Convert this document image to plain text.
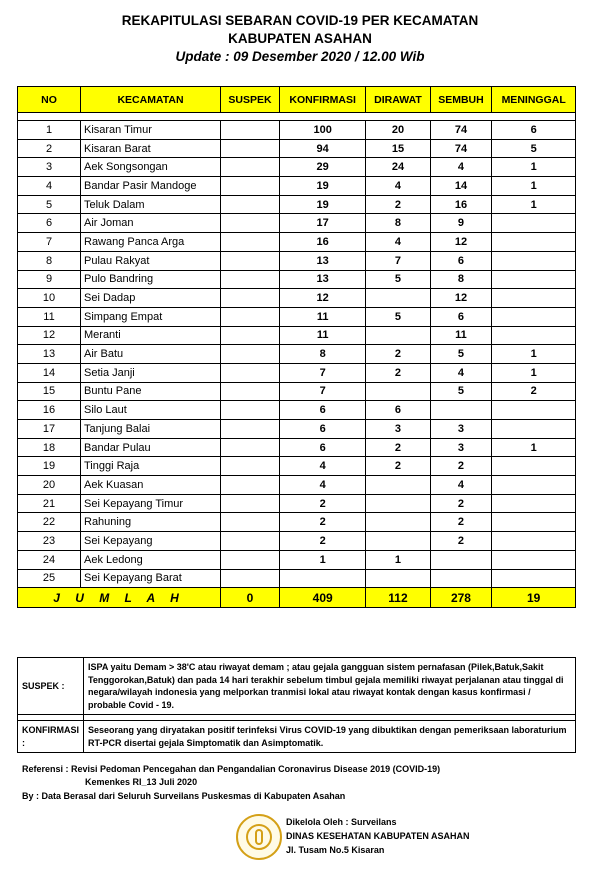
REKAPITULASI SEBARAN COVID-19 PER KECAMATAN
KABUPATEN ASAHAN
Update : 09 Desember 2020 / 12.00 Wib
NO	KECAMATAN	SUSPEK	KONFIRMASI	DIRAWAT	SEMBUH	MENINGGAL

1	Kisaran Timur		100	20	74	6
2	Kisaran Barat		94	15	74	5
3	Aek Songsongan		29	24	4	1
4	Bandar Pasir Mandoge		19	4	14	1
5	Teluk Dalam		19	2	16	1
6	Air Joman		17	8	9	
7	Rawang Panca Arga		16	4	12	
8	Pulau Rakyat		13	7	6	
9	Pulo Bandring		13	5	8	
10	Sei Dadap		12		12	
11	Simpang Empat		11	5	6	
12	Meranti		11		11	
13	Air Batu		8	2	5	1
14	Setia Janji		7	2	4	1
15	Buntu Pane		7		5	2
16	Silo Laut		6	6		
17	Tanjung Balai		6	3	3	
18	Bandar Pulau		6	2	3	1
19	Tinggi Raja		4	2	2	
20	Aek Kuasan		4		4	
21	Sei Kepayang Timur		2		2	
22	Rahuning		2		2	
23	Sei Kepayang		2		2	
24	Aek Ledong		1	1		
25	Sei Kepayang Barat					
J U M L A H		0	409	112	278	19
SUSPEK :	ISPA yaitu Demam > 38'C atau riwayat demam ; atau gejala gangguan sistem pernafasan (Pilek,Batuk,Sakit Tenggorokan,Batuk) dan pada 14 hari terakhir sebelum timbul gejala memiliki riwayat perjalanan atau tinggal di negara/wilayah indonesia yang melporkan tranmisi lokal atau riwayat kontak dengan kasus konfirmasi / probable Covid - 19.

KONFIRMASI :	Seseorang yang diryatakan positif terinfeksi Virus COVID-19 yang dibuktikan dengan pemeriksaan laboraturium RT-PCR disertai gejala Simptomatik dan Asimptomatik.
Referensi : Revisi Pedoman Pencegahan dan Pengandalian Coronavirus Disease 2019 (COVID-19)
Kemenkes RI_13 Juli 2020
By : Data Berasal dari Seluruh Surveilans Puskesmas di Kabupaten Asahan
Dikelola Oleh : Surveilans
DINAS KESEHATAN KABUPATEN ASAHAN
Jl. Tusam No.5 Kisaran
